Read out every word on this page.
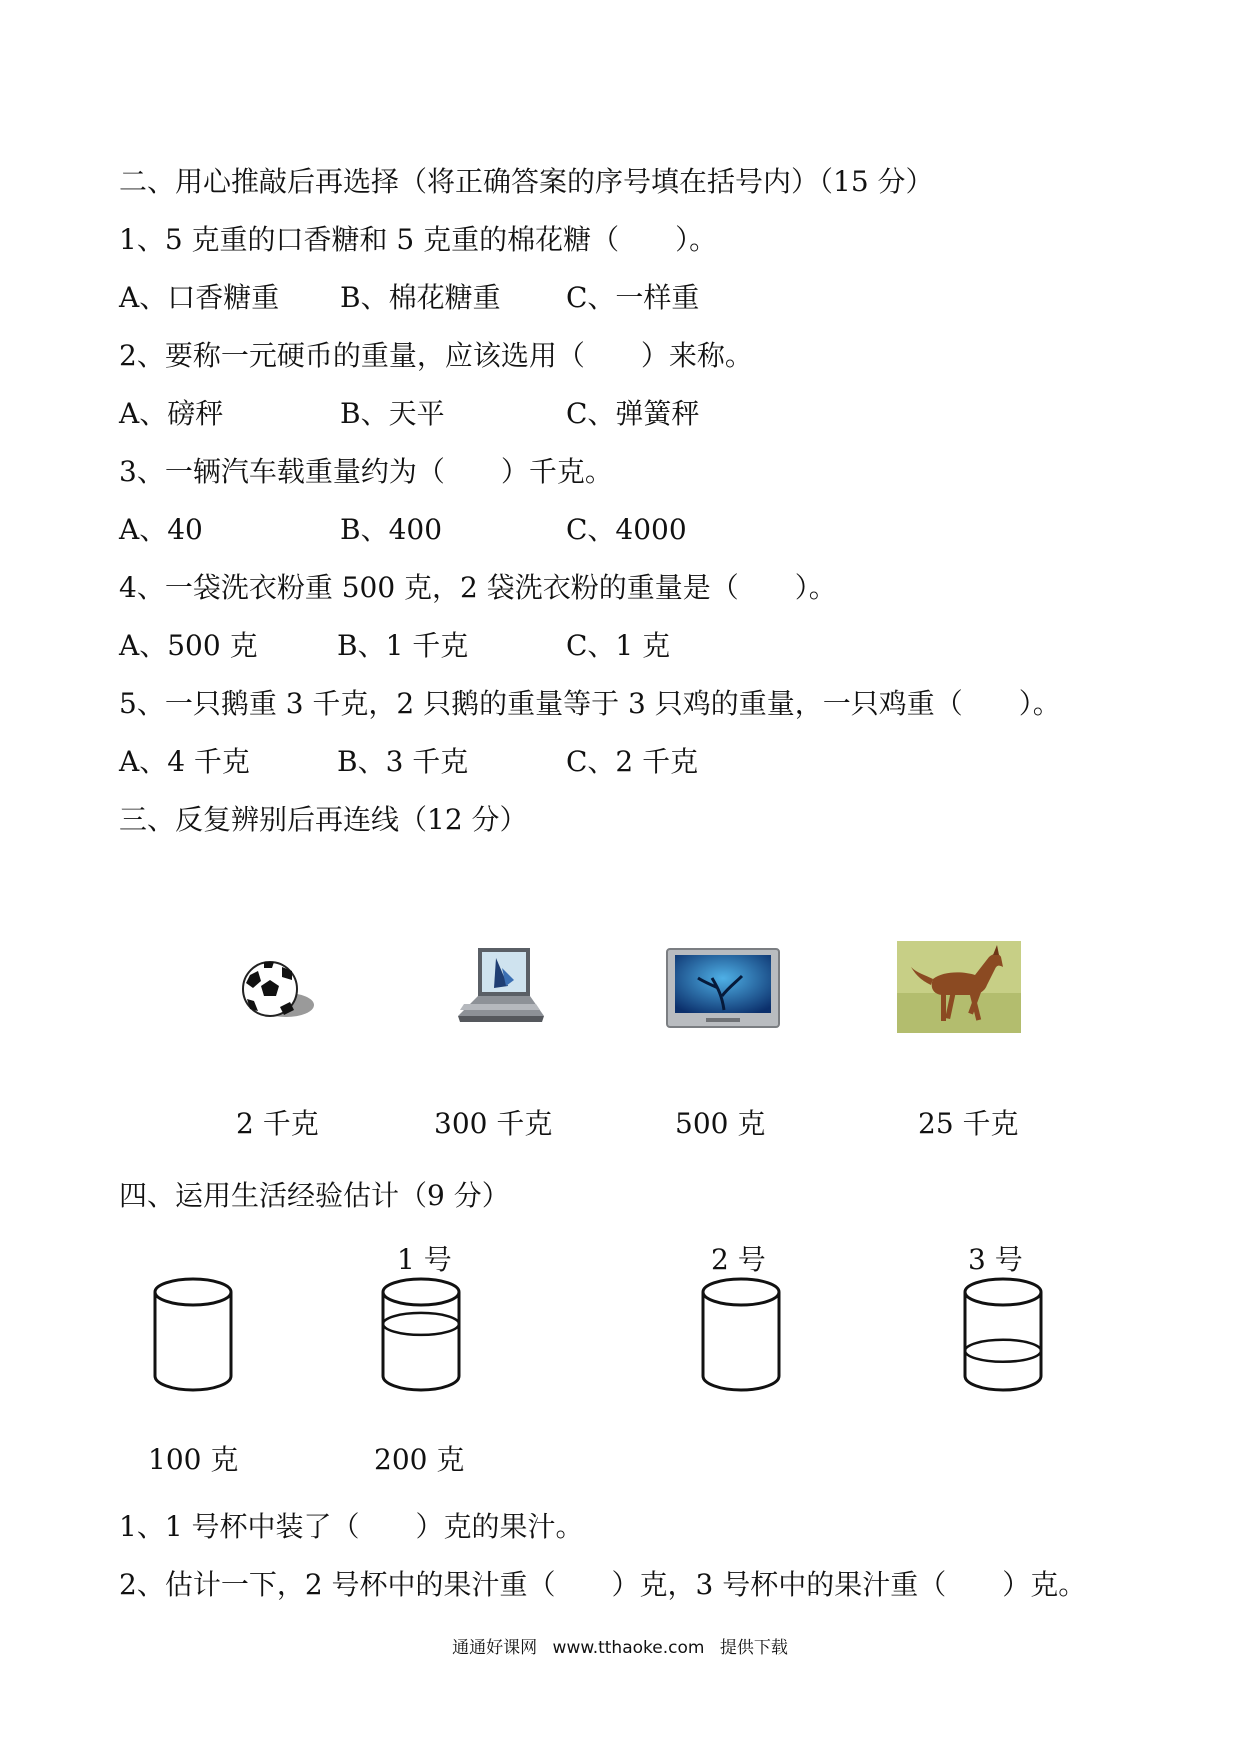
二、用心推敲后再选择（将正确答案的序号填在括号内）（15 分）
1、5 克重的口香糖和 5 克重的棉花糖（　　）。
A、口香糖重 B、棉花糖重 C、一样重
2、要称一元硬币的重量，应该选用（　　）来称。
A、磅秤	B、天平	C、弹簧秤
3、一辆汽车载重量约为（　　）千克。
A、40	B、400	C、4000
4、一袋洗衣粉重 500 克，2 袋洗衣粉的重量是（　　）。
A、500 克	B、1 千克	C、1 克
5、一只鹅重 3 千克，2 只鹅的重量等于 3 只鸡的重量，一只鸡重（　　）。
A、4 千克	B、3 千克	C、2 千克
三、反复辨别后再连线（12 分）
2 千克	300 千克	500 克	25 千克
四、运用生活经验估计（9 分）
1 号	2 号	3 号
100 克	200 克
1、1 号杯中装了（　　）克的果汁。
2、估计一下，2 号杯中的果汁重（　　）克，3 号杯中的果汁重（　　）克。
通通好课网 www.tthaoke.com 提供下载
